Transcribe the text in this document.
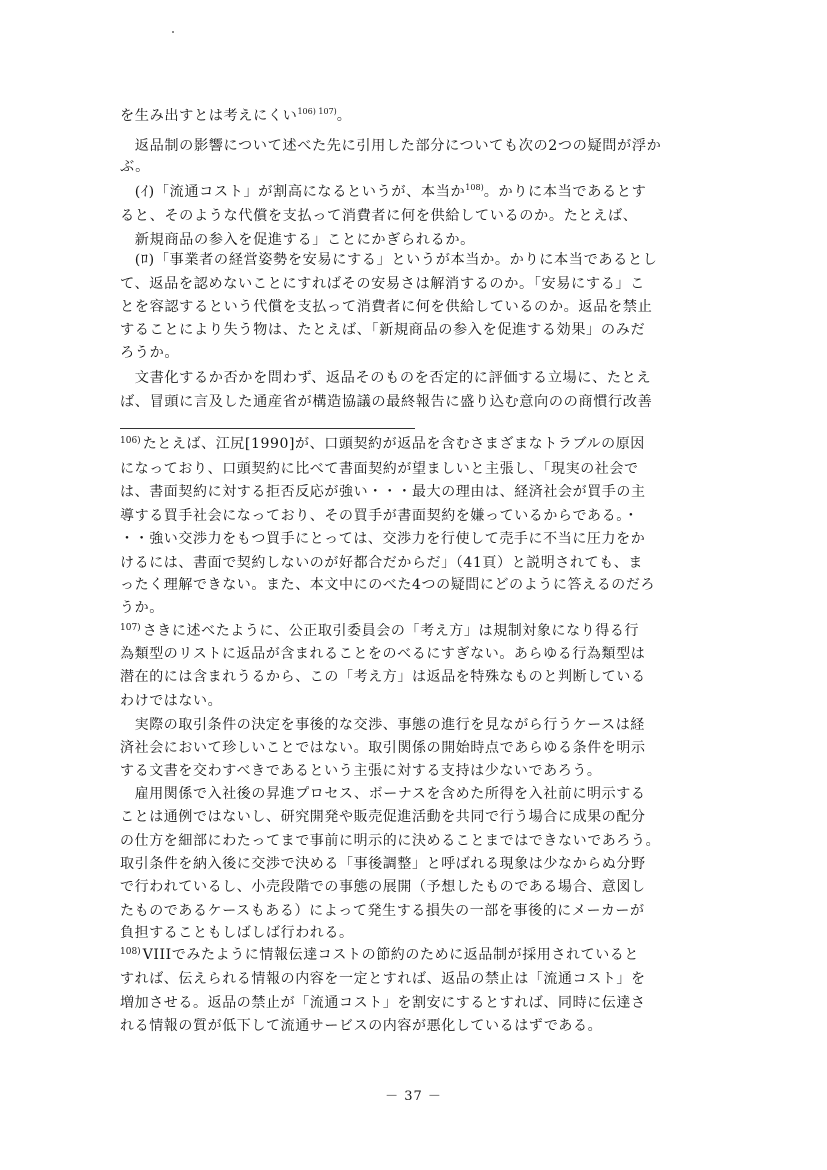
を生み出すとは考えにくい$^{106) 107)}$。
　返品制の影響について述べた先に引用した部分についても次の2つの疑問が浮か
ぶ。
　(ｲ)「流通コスト」が割高になるというが、本当か$^{108)}$。かりに本当であるとす
ると、そのような代償を支払って消費者に何を供給しているのか。たとえば、
　新規商品の参入を促進する」ことにかぎられるか。
　(ﾛ)「事業者の経営姿勢を安易にする」というが本当か。かりに本当であるとし
て、返品を認めないことにすればその安易さは解消するのか。「安易にする」こ
とを容認するという代償を支払って消費者に何を供給しているのか。返品を禁止
することにより失う物は、たとえば、「新規商品の参入を促進する効果」のみだ
ろうか。
　文書化するか否かを問わず、返品そのものを否定的に評価する立場に、たとえ
ば、冒頭に言及した通産省が構造協議の最終報告に盛り込む意向のの商慣行改善
$^{106)}$ たとえば、江尻[1990]が、口頭契約が返品を含むさまざまなトラブルの原因
になっており、口頭契約に比べて書面契約が望ましいと主張し、「現実の社会で
は、書面契約に対する拒否反応が強い・・・最大の理由は、経済社会が買手の主
導する買手社会になっており、その買手が書面契約を嫌っているからである。・
・・強い交渉力をもつ買手にとっては、交渉力を行使して売手に不当に圧力をか
けるには、書面で契約しないのが好都合だからだ」（41頁）と説明されても、ま
ったく理解できない。また、本文中にのべた4つの疑問にどのように答えるのだろ
うか。
$^{107)}$ さきに述べたように、公正取引委員会の「考え方」は規制対象になり得る行
為類型のリストに返品が含まれることをのべるにすぎない。あらゆる行為類型は
潜在的には含まれうるから、この「考え方」は返品を特殊なものと判断している
わけではない。
　実際の取引条件の決定を事後的な交渉、事態の進行を見ながら行うケースは経
済社会において珍しいことではない。取引関係の開始時点であらゆる条件を明示
する文書を交わすべきであるという主張に対する支持は少ないであろう。
　雇用関係で入社後の昇進プロセス、ボーナスを含めた所得を入社前に明示する
ことは通例ではないし、研究開発や販売促進活動を共同で行う場合に成果の配分
の仕方を細部にわたってまで事前に明示的に決めることまではできないであろう。
取引条件を納入後に交渉で決める「事後調整」と呼ばれる現象は少なからぬ分野
で行われているし、小売段階での事態の展開（予想したものである場合、意図し
たものであるケースもある）によって発生する損失の一部を事後的にメーカーが
負担することもしばしば行われる。
$^{108)}$ VIIIでみたように情報伝達コストの節約のために返品制が採用されていると
すれば、伝えられる情報の内容を一定とすれば、返品の禁止は「流通コスト」を
増加させる。返品の禁止が「流通コスト」を割安にするとすれば、同時に伝達さ
れる情報の質が低下して流通サービスの内容が悪化しているはずである。
－ 37 －
